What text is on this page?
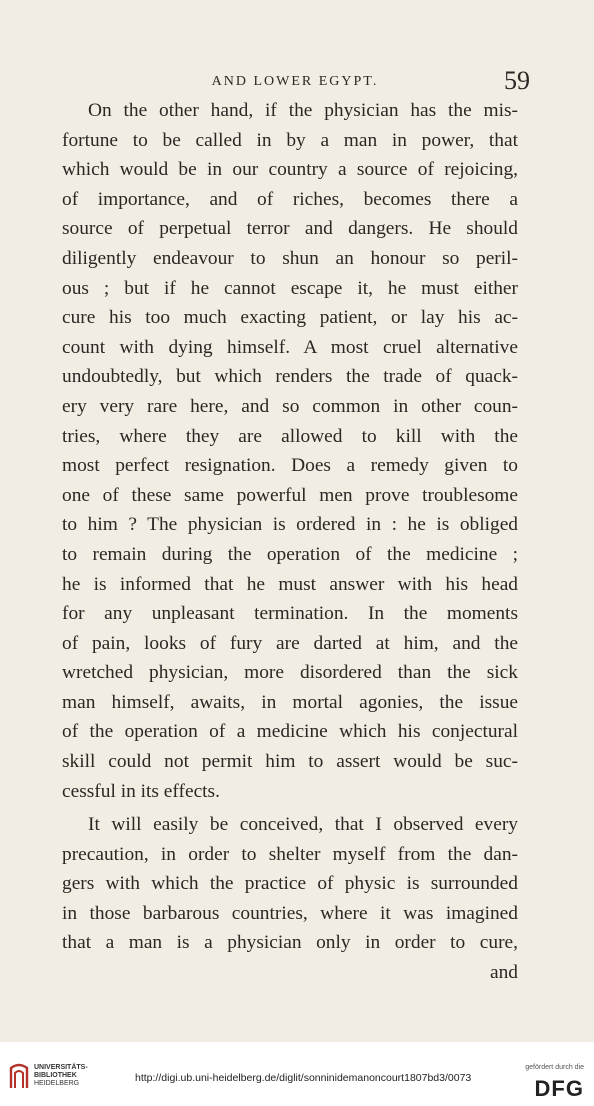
AND LOWER EGYPT.	59
On the other hand, if the physician has the mis-
fortune to be called in by a man in power, that
which would be in our country a source of rejoicing,
of importance, and of riches, becomes there a
source of perpetual terror and dangers. He should
diligently endeavour to shun an honour so peril-
ous ; but if he cannot escape it, he must either
cure his too much exacting patient, or lay his ac-
count with dying himself. A most cruel alternative
undoubtedly, but which renders the trade of quack-
ery very rare here, and so common in other coun-
tries, where they are allowed to kill with the
most perfect resignation. Does a remedy given to
one of these same powerful men prove troublesome
to him ? The physician is ordered in : he is obliged
to remain during the operation of the medicine ;
he is informed that he must answer with his head
for any unpleasant termination. In the moments
of pain, looks of fury are darted at him, and the
wretched physician, more disordered than the sick
man himself, awaits, in mortal agonies, the issue
of the operation of a medicine which his conjectural
skill could not permit him to assert would be suc-
cessful in its effects.
It will easily be conceived, that I observed every
precaution, in order to shelter myself from the dan-
gers with which the practice of physic is surrounded
in those barbarous countries, where it was imagined
that a man is a physician only in order to cure,
and
UNIVERSITÄTS-
BIBLIOTHEK
HEIDELBERG	http://digi.ub.uni-heidelberg.de/diglit/sonninidemanoncourt1807bd3/0073
gefördert durch die
DFG
